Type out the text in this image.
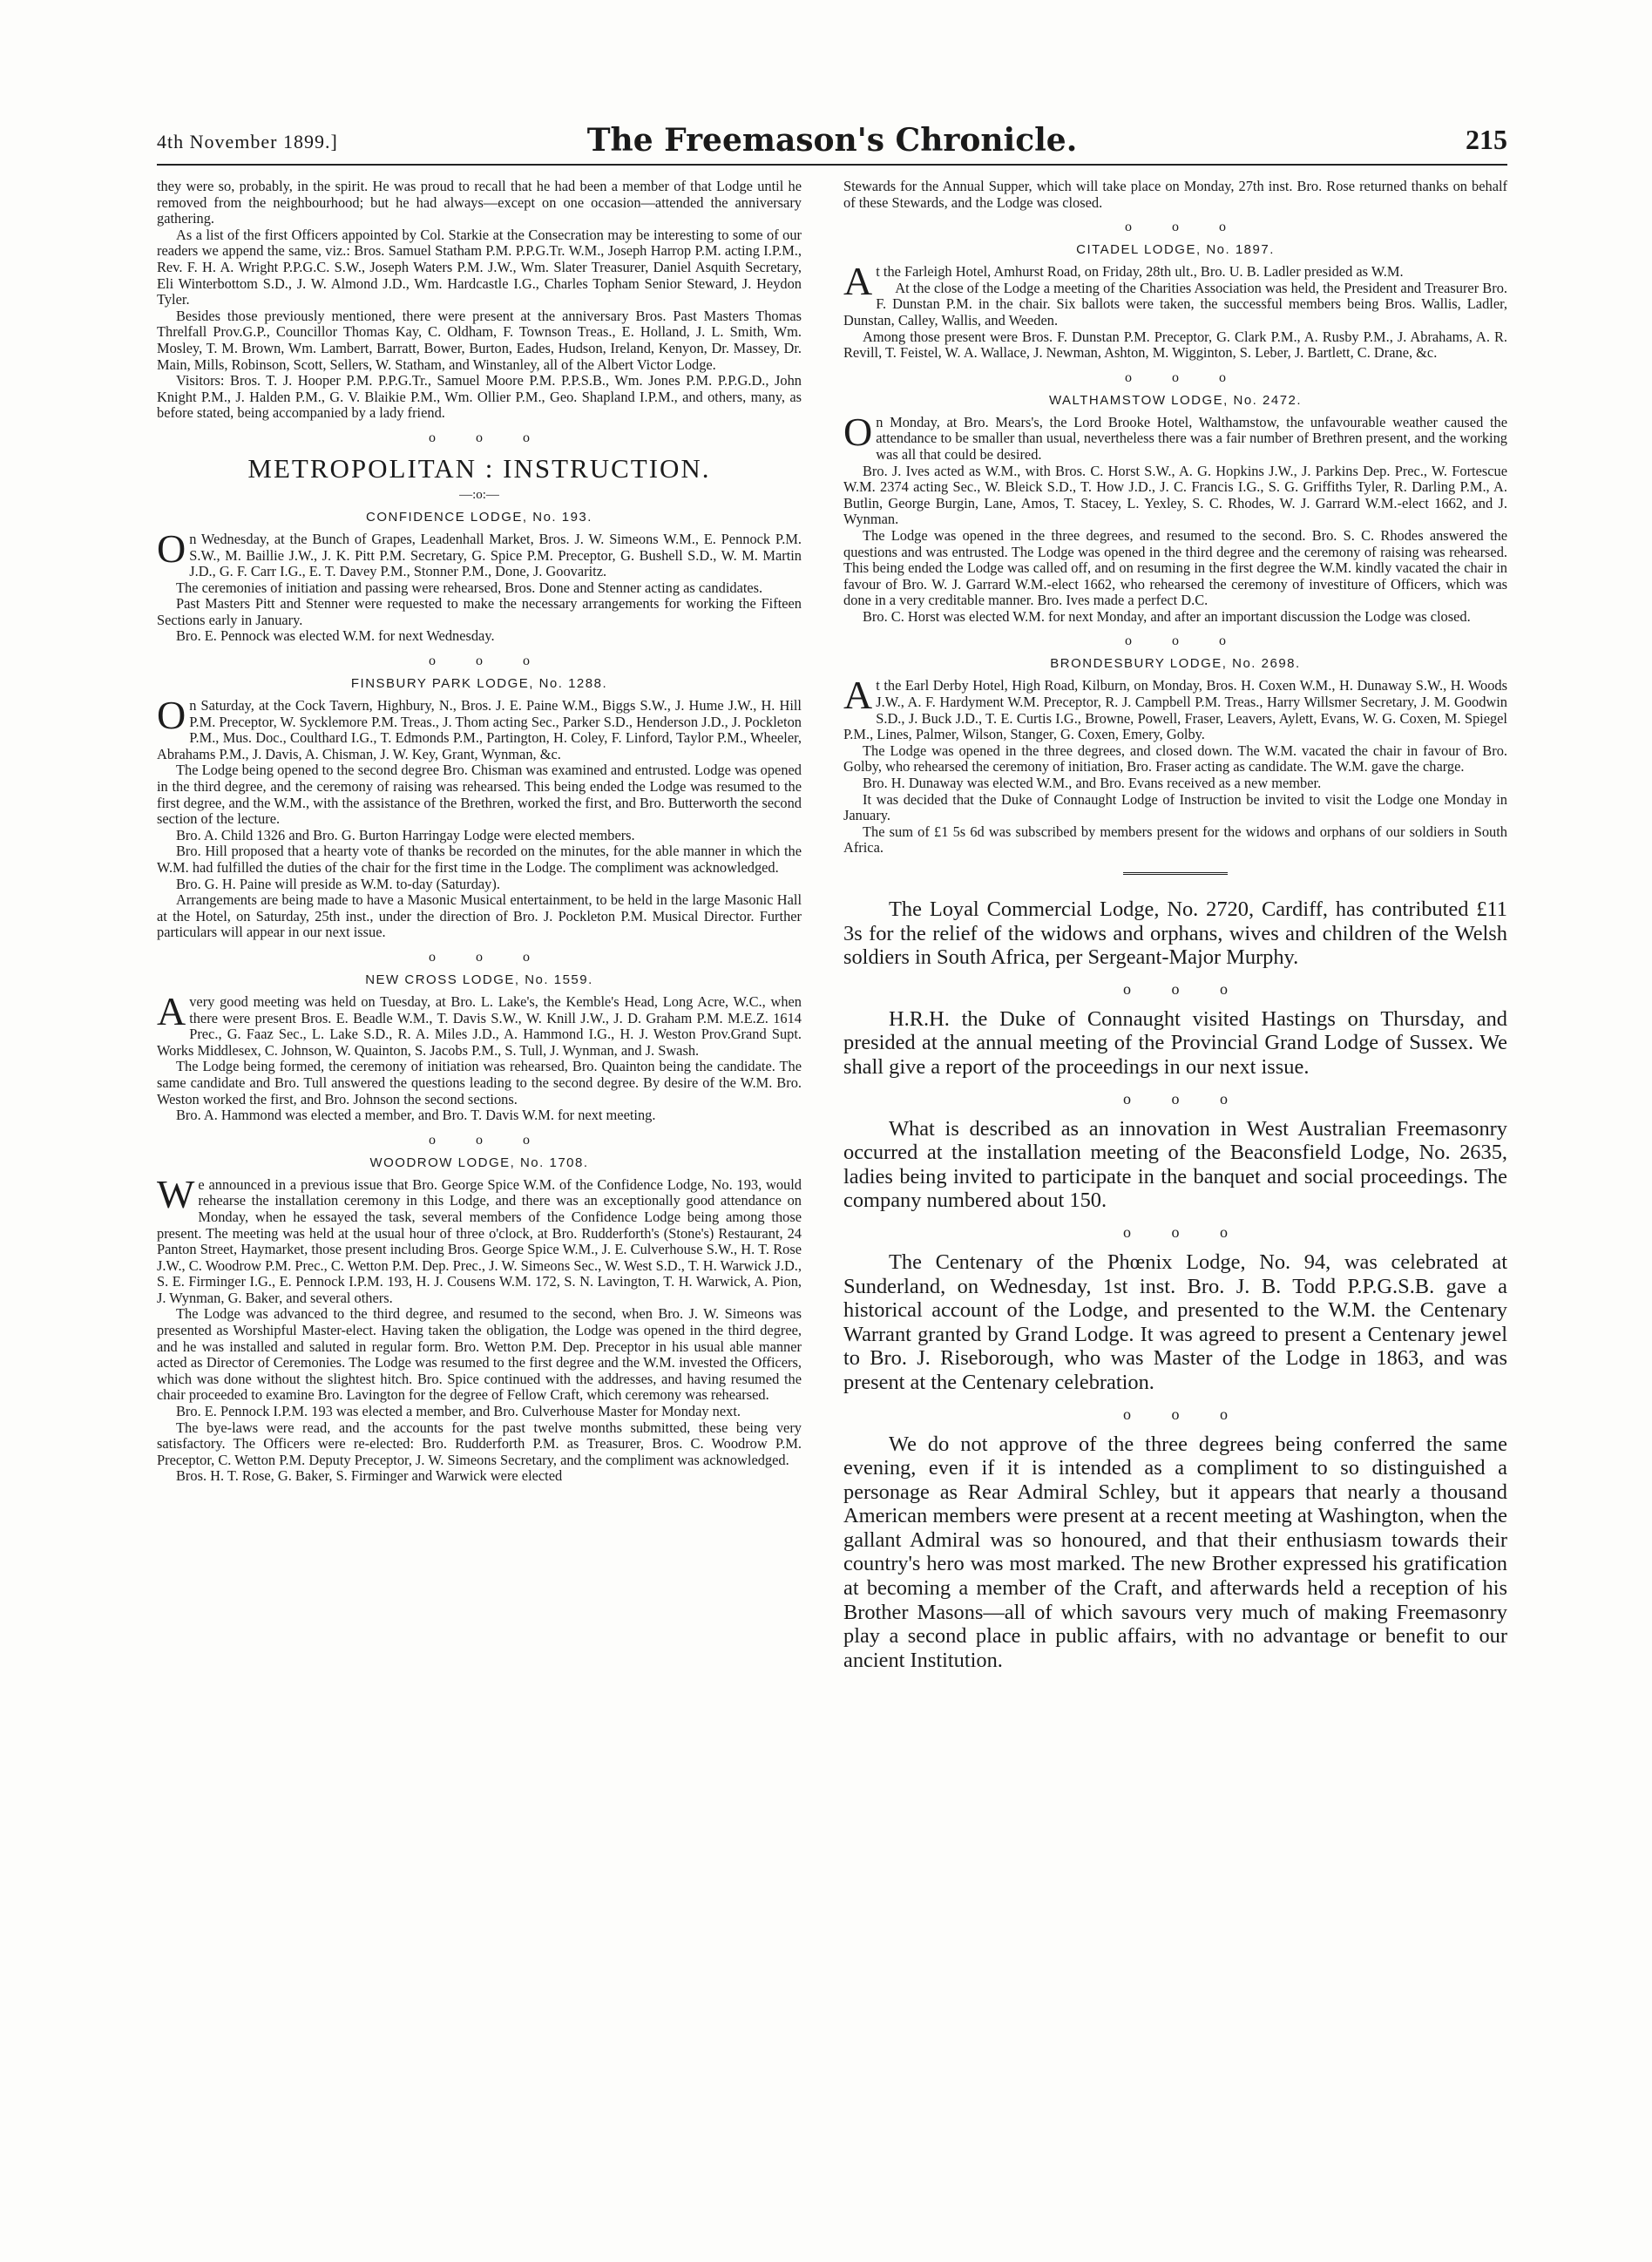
4th November 1899.]	The Freemason's Chronicle.	215

they were so, probably, in the spirit. He was proud to recall that he had been a member of that Lodge until he removed from the neighbourhood; but he had always—except on one occasion—attended the anniversary gathering.

As a list of the first Officers appointed by Col. Starkie at the Consecration may be interesting to some of our readers we append the same, viz.: Bros. Samuel Statham P.M. P.P.G.Tr. W.M., Joseph Harrop P.M. acting I.P.M., Rev. F. H. A. Wright P.P.G.C. S.W., Joseph Waters P.M. J.W., Wm. Slater Treasurer, Daniel Asquith Secretary, Eli Winterbottom S.D., J. W. Almond J.D., Wm. Hardcastle I.G., Charles Topham Senior Steward, J. Heydon Tyler.

Besides those previously mentioned, there were present at the anniversary Bros. Past Masters Thomas Threlfall Prov.G.P., Councillor Thomas Kay, C. Oldham, F. Townson Treas., E. Holland, J. L. Smith, Wm. Mosley, T. M. Brown, Wm. Lambert, Barratt, Bower, Burton, Eades, Hudson, Ireland, Kenyon, Dr. Massey, Dr. Main, Mills, Robinson, Scott, Sellers, W. Statham, and Winstanley, all of the Albert Victor Lodge.

Visitors: Bros. T. J. Hooper P.M. P.P.G.Tr., Samuel Moore P.M. P.P.S.B., Wm. Jones P.M. P.P.G.D., John Knight P.M., J. Halden P.M., G. V. Blaikie P.M., Wm. Ollier P.M., Geo. Shapland I.P.M., and others, many, as before stated, being accompanied by a lady friend.

o o o
METROPOLITAN : INSTRUCTION.
—:o:—
CONFIDENCE LODGE, No. 193.

On Wednesday, at the Bunch of Grapes, Leadenhall Market, Bros. J. W. Simeons W.M., E. Pennock P.M. S.W., M. Baillie J.W., J. K. Pitt P.M. Secretary, G. Spice P.M. Preceptor, G. Bushell S.D., W. M. Martin J.D., G. F. Carr I.G., E. T. Davey P.M., Stonner P.M., Done, J. Goovaritz.

The ceremonies of initiation and passing were rehearsed, Bros. Done and Stenner acting as candidates.

Past Masters Pitt and Stenner were requested to make the necessary arrangements for working the Fifteen Sections early in January.

Bro. E. Pennock was elected W.M. for next Wednesday.

o o o
FINSBURY PARK LODGE, No. 1288.

On Saturday, at the Cock Tavern, Highbury, N., Bros. J. E. Paine W.M., Biggs S.W., J. Hume J.W., H. Hill P.M. Preceptor, W. Sycklemore P.M. Treas., J. Thom acting Sec., Parker S.D., Henderson J.D., J. Pockleton P.M., Mus. Doc., Coulthard I.G., T. Edmonds P.M., Partington, H. Coley, F. Linford, Taylor P.M., Wheeler, Abrahams P.M., J. Davis, A. Chisman, J. W. Key, Grant, Wynman, &c.

The Lodge being opened to the second degree Bro. Chisman was examined and entrusted. Lodge was opened in the third degree, and the ceremony of raising was rehearsed. This being ended the Lodge was resumed to the first degree, and the W.M., with the assistance of the Brethren, worked the first, and Bro. Butterworth the second section of the lecture.

Bro. A. Child 1326 and Bro. G. Burton Harringay Lodge were elected members.

Bro. Hill proposed that a hearty vote of thanks be recorded on the minutes, for the able manner in which the W.M. had fulfilled the duties of the chair for the first time in the Lodge. The compliment was acknowledged.

Bro. G. H. Paine will preside as W.M. to-day (Saturday).

Arrangements are being made to have a Masonic Musical entertainment, to be held in the large Masonic Hall at the Hotel, on Saturday, 25th inst., under the direction of Bro. J. Pockleton P.M. Musical Director. Further particulars will appear in our next issue.

o o o
NEW CROSS LODGE, No. 1559.

Avery good meeting was held on Tuesday, at Bro. L. Lake's, the Kemble's Head, Long Acre, W.C., when there were present Bros. E. Beadle W.M., T. Davis S.W., W. Knill J.W., J. D. Graham P.M. M.E.Z. 1614 Prec., G. Faaz Sec., L. Lake S.D., R. A. Miles J.D., A. Hammond I.G., H. J. Weston Prov.Grand Supt. Works Middlesex, C. Johnson, W. Quainton, S. Jacobs P.M., S. Tull, J. Wynman, and J. Swash.

The Lodge being formed, the ceremony of initiation was rehearsed, Bro. Quainton being the candidate. The same candidate and Bro. Tull answered the questions leading to the second degree. By desire of the W.M. Bro. Weston worked the first, and Bro. Johnson the second sections.

Bro. A. Hammond was elected a member, and Bro. T. Davis W.M. for next meeting.

o o o
WOODROW LODGE, No. 1708.

We announced in a previous issue that Bro. George Spice W.M. of the Confidence Lodge, No. 193, would rehearse the installation ceremony in this Lodge, and there was an exceptionally good attendance on Monday, when he essayed the task, several members of the Confidence Lodge being among those present. The meeting was held at the usual hour of three o'clock, at Bro. Rudderforth's (Stone's) Restaurant, 24 Panton Street, Haymarket, those present including Bros. George Spice W.M., J. E. Culverhouse S.W., H. T. Rose J.W., C. Woodrow P.M. Prec., C. Wetton P.M. Dep. Prec., J. W. Simeons Sec., W. West S.D., T. H. Warwick J.D., S. E. Firminger I.G., E. Pennock I.P.M. 193, H. J. Cousens W.M. 172, S. N. Lavington, T. H. Warwick, A. Pion, J. Wynman, G. Baker, and several others.

The Lodge was advanced to the third degree, and resumed to the second, when Bro. J. W. Simeons was presented as Worshipful Master-elect. Having taken the obligation, the Lodge was opened in the third degree, and he was installed and saluted in regular form. Bro. Wetton P.M. Dep. Preceptor in his usual able manner acted as Director of Ceremonies. The Lodge was resumed to the first degree and the W.M. invested the Officers, which was done without the slightest hitch. Bro. Spice continued with the addresses, and having resumed the chair proceeded to examine Bro. Lavington for the degree of Fellow Craft, which ceremony was rehearsed.

Bro. E. Pennock I.P.M. 193 was elected a member, and Bro. Culverhouse Master for Monday next.

The bye-laws were read, and the accounts for the past twelve months submitted, these being very satisfactory. The Officers were re-elected: Bro. Rudderforth P.M. as Treasurer, Bros. C. Woodrow P.M. Preceptor, C. Wetton P.M. Deputy Preceptor, J. W. Simeons Secretary, and the compliment was acknowledged.

Bros. H. T. Rose, G. Baker, S. Firminger and Warwick were elected

Stewards for the Annual Supper, which will take place on Monday, 27th inst. Bro. Rose returned thanks on behalf of these Stewards, and the Lodge was closed.

o o o
CITADEL LODGE, No. 1897.

At the Farleigh Hotel, Amhurst Road, on Friday, 28th ult., Bro. U. B. Ladler presided as W.M.

At the close of the Lodge a meeting of the Charities Association was held, the President and Treasurer Bro. F. Dunstan P.M. in the chair. Six ballots were taken, the successful members being Bros. Wallis, Ladler, Dunstan, Calley, Wallis, and Weeden.

Among those present were Bros. F. Dunstan P.M. Preceptor, G. Clark P.M., A. Rusby P.M., J. Abrahams, A. R. Revill, T. Feistel, W. A. Wallace, J. Newman, Ashton, M. Wigginton, S. Leber, J. Bartlett, C. Drane, &c.

o o o
WALTHAMSTOW LODGE, No. 2472.

On Monday, at Bro. Mears's, the Lord Brooke Hotel, Walthamstow, the unfavourable weather caused the attendance to be smaller than usual, nevertheless there was a fair number of Brethren present, and the working was all that could be desired.

Bro. J. Ives acted as W.M., with Bros. C. Horst S.W., A. G. Hopkins J.W., J. Parkins Dep. Prec., W. Fortescue W.M. 2374 acting Sec., W. Bleick S.D., T. How J.D., J. C. Francis I.G., S. G. Griffiths Tyler, R. Darling P.M., A. Butlin, George Burgin, Lane, Amos, T. Stacey, L. Yexley, S. C. Rhodes, W. J. Garrard W.M.-elect 1662, and J. Wynman.

The Lodge was opened in the three degrees, and resumed to the second. Bro. S. C. Rhodes answered the questions and was entrusted. The Lodge was opened in the third degree and the ceremony of raising was rehearsed. This being ended the Lodge was called off, and on resuming in the first degree the W.M. kindly vacated the chair in favour of Bro. W. J. Garrard W.M.-elect 1662, who rehearsed the ceremony of investiture of Officers, which was done in a very creditable manner. Bro. Ives made a perfect D.C.

Bro. C. Horst was elected W.M. for next Monday, and after an important discussion the Lodge was closed.

o o o
BRONDESBURY LODGE, No. 2698.

At the Earl Derby Hotel, High Road, Kilburn, on Monday, Bros. H. Coxen W.M., H. Dunaway S.W., H. Woods J.W., A. F. Hardyment W.M. Preceptor, R. J. Campbell P.M. Treas., Harry Willsmer Secretary, J. M. Goodwin S.D., J. Buck J.D., T. E. Curtis I.G., Browne, Powell, Fraser, Leavers, Aylett, Evans, W. G. Coxen, M. Spiegel P.M., Lines, Palmer, Wilson, Stanger, G. Coxen, Emery, Golby.

The Lodge was opened in the three degrees, and closed down. The W.M. vacated the chair in favour of Bro. Golby, who rehearsed the ceremony of initiation, Bro. Fraser acting as candidate. The W.M. gave the charge.

Bro. H. Dunaway was elected W.M., and Bro. Evans received as a new member.

It was decided that the Duke of Connaught Lodge of Instruction be invited to visit the Lodge one Monday in January.

The sum of £1 5s 6d was subscribed by members present for the widows and orphans of our soldiers in South Africa.

The Loyal Commercial Lodge, No. 2720, Cardiff, has contributed £11 3s for the relief of the widows and orphans, wives and children of the Welsh soldiers in South Africa, per Sergeant-Major Murphy.

o o o

H.R.H. the Duke of Connaught visited Hastings on Thursday, and presided at the annual meeting of the Provincial Grand Lodge of Sussex. We shall give a report of the proceedings in our next issue.

o o o

What is described as an innovation in West Australian Freemasonry occurred at the installation meeting of the Beaconsfield Lodge, No. 2635, ladies being invited to participate in the banquet and social proceedings. The company numbered about 150.

o o o

The Centenary of the Phœnix Lodge, No. 94, was celebrated at Sunderland, on Wednesday, 1st inst. Bro. J. B. Todd P.P.G.S.B. gave a historical account of the Lodge, and presented to the W.M. the Centenary Warrant granted by Grand Lodge. It was agreed to present a Centenary jewel to Bro. J. Riseborough, who was Master of the Lodge in 1863, and was present at the Centenary celebration.

o o o

We do not approve of the three degrees being conferred the same evening, even if it is intended as a compliment to so distinguished a personage as Rear Admiral Schley, but it appears that nearly a thousand American members were present at a recent meeting at Washington, when the gallant Admiral was so honoured, and that their enthusiasm towards their country's hero was most marked. The new Brother expressed his gratification at becoming a member of the Craft, and afterwards held a reception of his Brother Masons—all of which savours very much of making Freemasonry play a second place in public affairs, with no advantage or benefit to our ancient Institution.
